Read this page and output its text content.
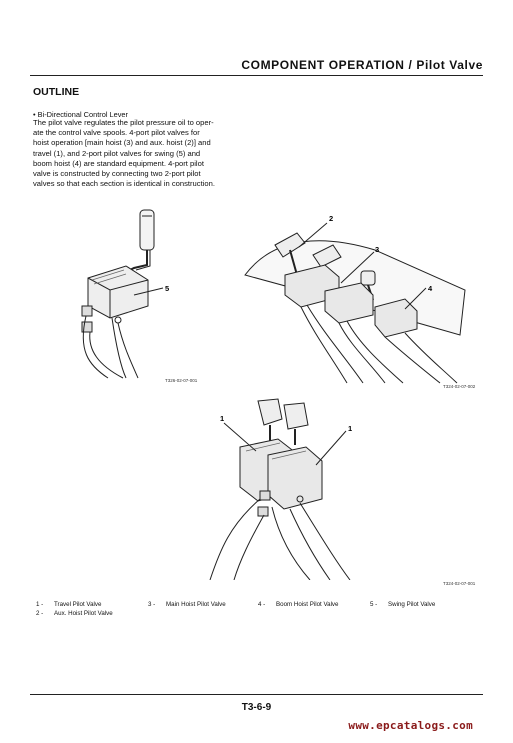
COMPONENT OPERATION / Pilot Valve
OUTLINE
• Bi-Directional Control Lever
The pilot valve regulates the pilot pressure oil to oper-
ate the control valve spools. 4-port pilot valves for
hoist operation [main hoist (3) and aux. hoist (2)] and
travel (1), and 2-port pilot valves for swing (5) and
boom hoist (4) are standard equipment. 4-port pilot
valve is constructed by connecting two 2-port pilot
valves so that each section is identical in construction.
5
T326-02-07-001
2
3
4
T324-02-07-002
1
1
T324-02-07-001
1 - Travel Pilot Valve	3 - Main Hoist Pilot Valve	4 - Boom Hoist Pilot Valve	5 - Swing Pilot Valve
2 - Aux. Hoist Pilot Valve
T3-6-9
www.epcatalogs.com
